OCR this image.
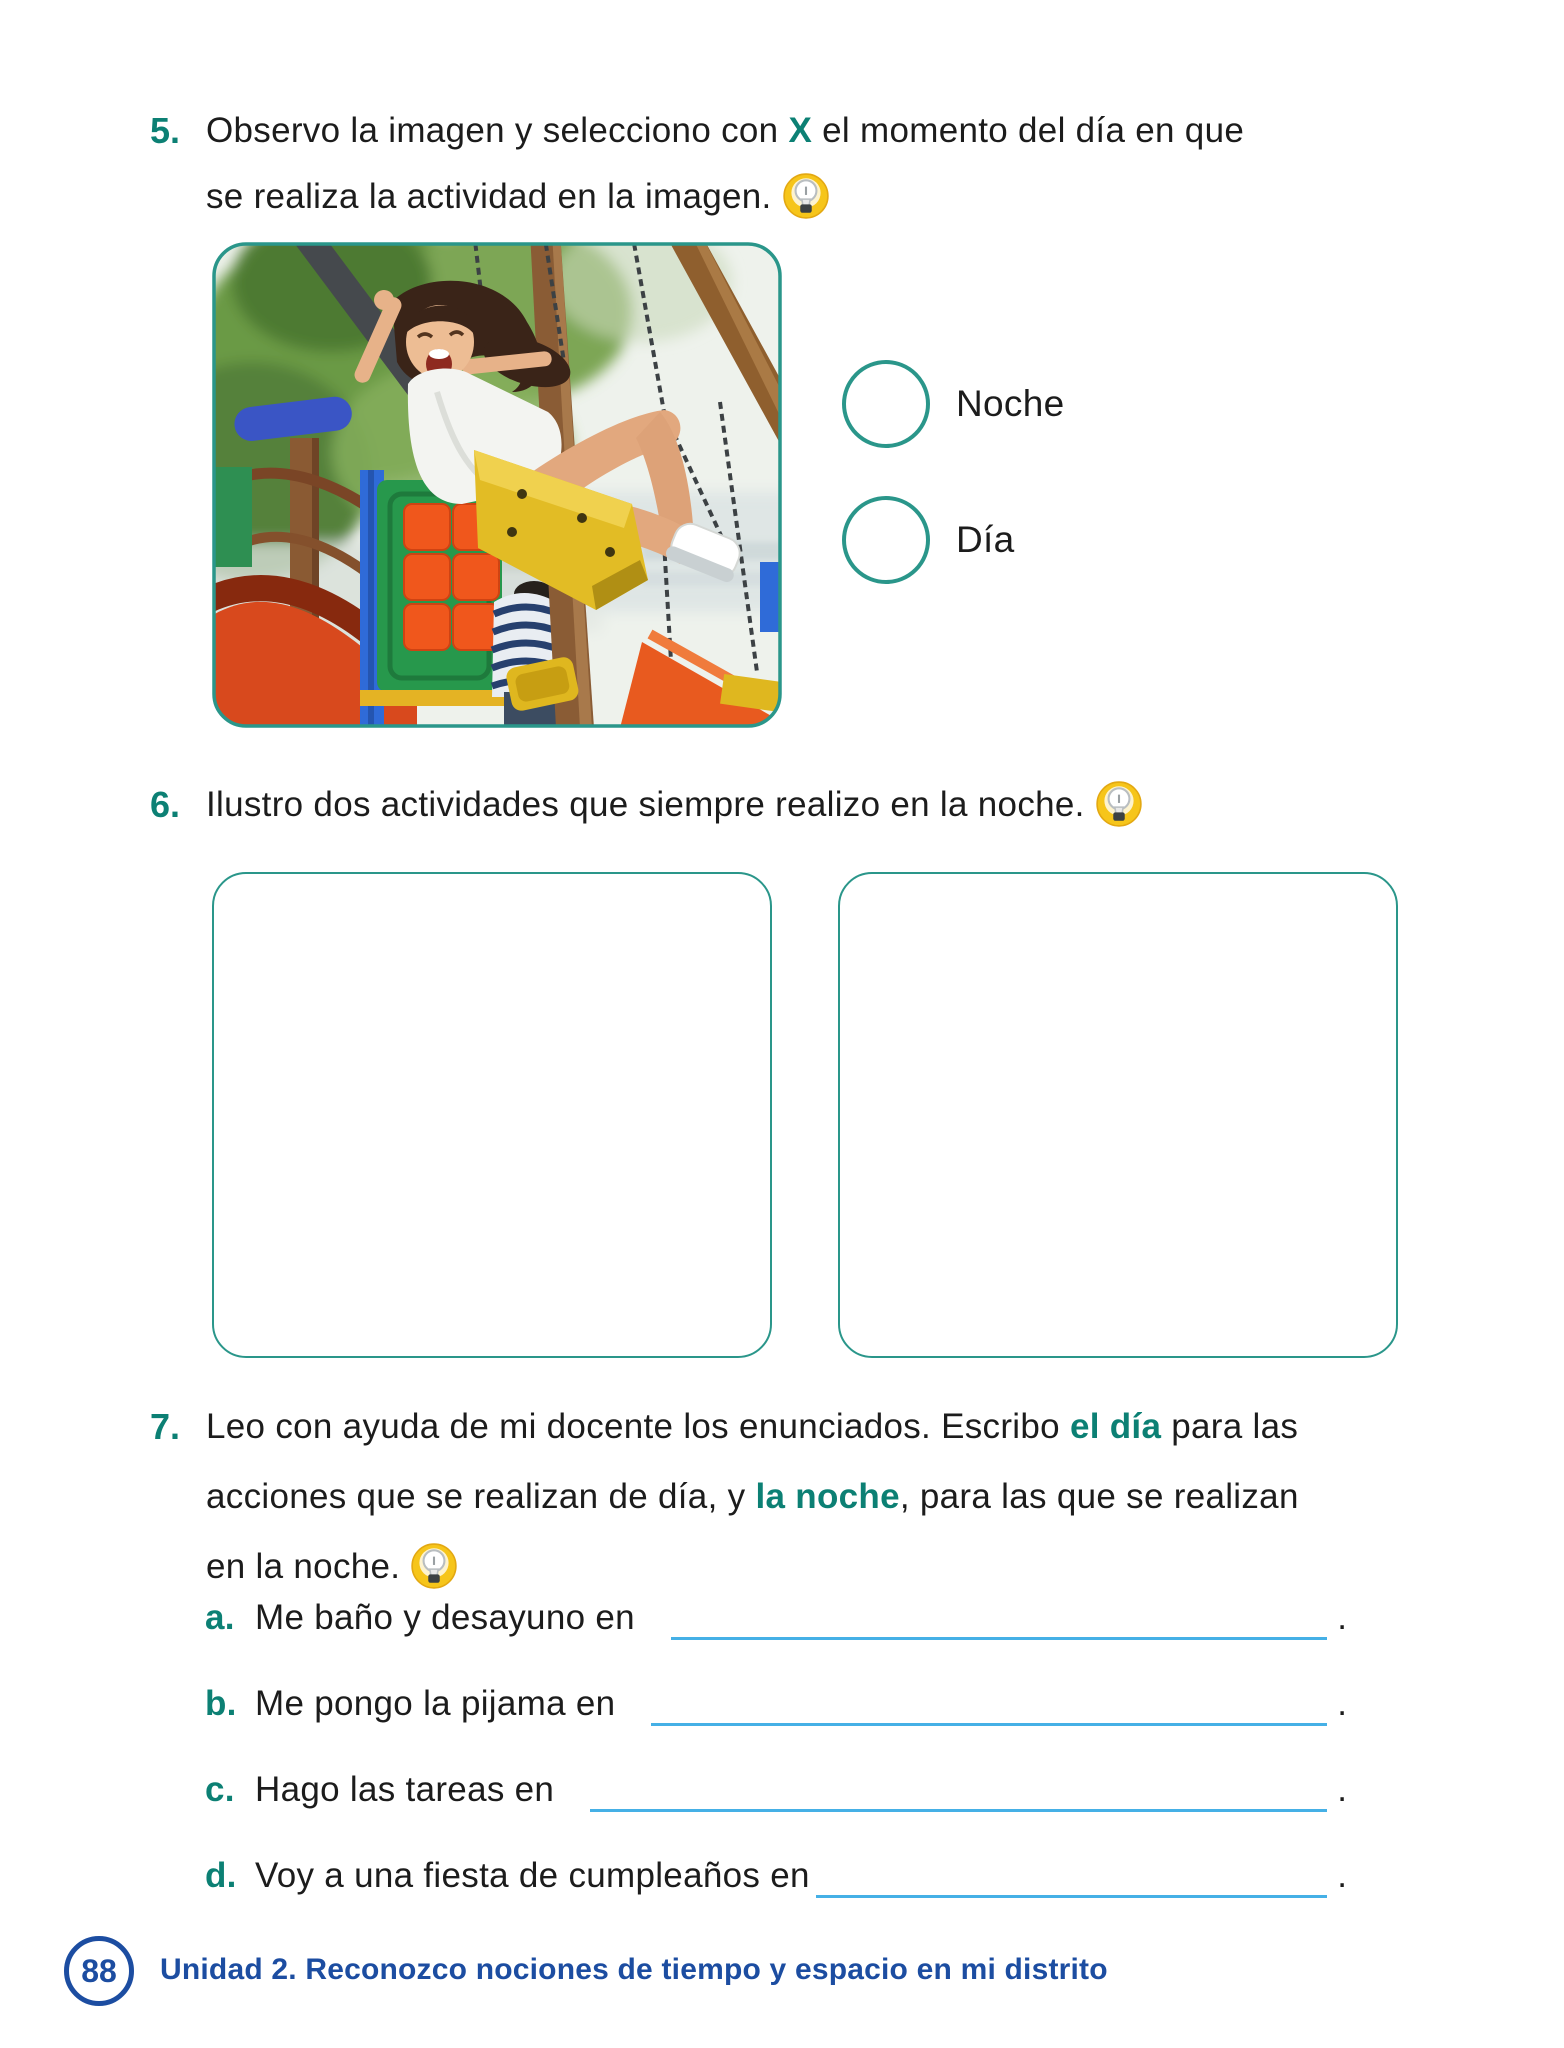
5. Observo la imagen y selecciono con X el momento del día en que
se realiza la actividad en la imagen.
Noche
Día
6. Ilustro dos actividades que siempre realizo en la noche.
7. Leo con ayuda de mi docente los enunciados. Escribo el día para las
acciones que se realizan de día, y la noche, para las que se realizan
en la noche.
a. Me baño y desayuno en	.
b. Me pongo la pijama en	.
c. Hago las tareas en	.
d. Voy a una fiesta de cumpleaños en	.
88 Unidad 2. Reconozco nociones de tiempo y espacio en mi distrito
